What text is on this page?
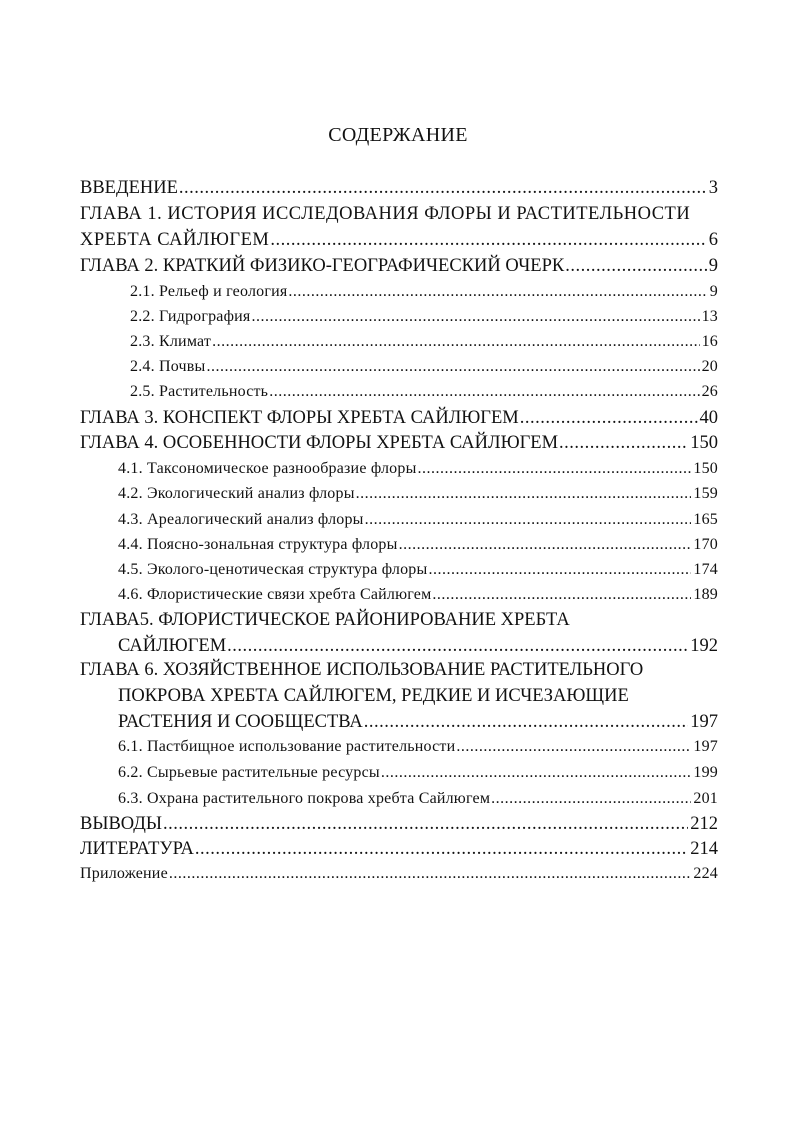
СОДЕРЖАНИЕ
ВВЕДЕНИЕ .....	3
ГЛАВА 1. ИСТОРИЯ ИССЛЕДОВАНИЯ ФЛОРЫ И РАСТИТЕЛЬНОСТИ
ХРЕБТА САЙЛЮГЕМ .....	6
ГЛАВА 2. КРАТКИЙ ФИЗИКО-ГЕОГРАФИЧЕСКИЙ ОЧЕРК .....	9
2.1. Рельеф и геология .....	9
2.2. Гидрография .....	13
2.3. Климат .....	16
2.4. Почвы .....	20
2.5. Растительность .....	26
ГЛАВА 3. КОНСПЕКТ ФЛОРЫ ХРЕБТА САЙЛЮГЕМ .....	40
ГЛАВА 4. ОСОБЕННОСТИ ФЛОРЫ ХРЕБТА САЙЛЮГЕМ .....	150
4.1. Таксономическое разнообразие флоры .....	150
4.2. Экологический анализ флоры .....	159
4.3. Ареалогический анализ флоры .....	165
4.4. Поясно-зональная структура флоры .....	170
4.5. Эколого-ценотическая структура флоры .....	174
4.6. Флористические связи хребта Сайлюгем .....	189
ГЛАВА5. ФЛОРИСТИЧЕСКОЕ РАЙОНИРОВАНИЕ ХРЕБТА
САЙЛЮГЕМ .....	192
ГЛАВА 6. ХОЗЯЙСТВЕННОЕ ИСПОЛЬЗОВАНИЕ РАСТИТЕЛЬНОГО
ПОКРОВА ХРЕБТА САЙЛЮГЕМ, РЕДКИЕ И ИСЧЕЗАЮЩИЕ
РАСТЕНИЯ И СООБЩЕСТВА .....	197
6.1. Пастбищное использование растительности .....	197
6.2. Сырьевые растительные ресурсы .....	199
6.3. Охрана растительного покрова хребта Сайлюгем .....	201
ВЫВОДЫ .....	212
ЛИТЕРАТУРА .....	214
Приложение .....	224
